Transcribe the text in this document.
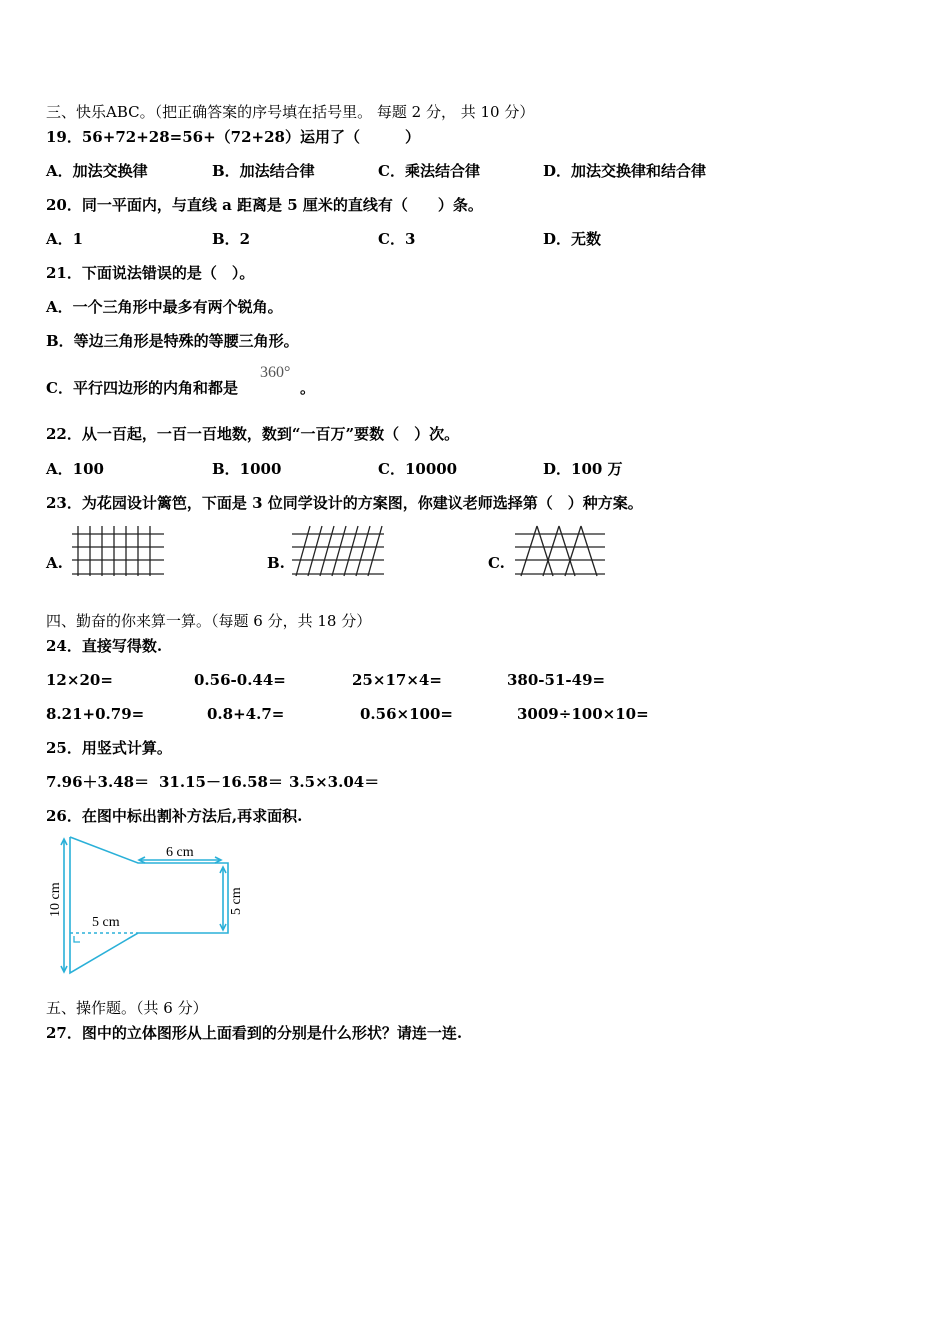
三、快乐ABC。（把正确答案的序号填在括号里。 每题 2 分， 共 10 分）
19．56+72+28=56+（72+28）运用了（　　　）
A．加法交换律	B．加法结合律	C．乘法结合律	D．加法交换律和结合律
20．同一平面内，与直线 a 距离是 5 厘米的直线有（　　）条。
A．1	B．2	C．3	D．无数
21．下面说法错误的是（　）。
A．一个三角形中最多有两个锐角。
B．等边三角形是特殊的等腰三角形。
C．平行四边形的内角和都是
360°
。
22．从一百起，一百一百地数，数到“一百万”要数（　）次。
A．100	B．1000	C．10000	D．100 万
23．为花园设计篱笆，下面是 3 位同学设计的方案图，你建议老师选择第（　）种方案。
A.	B.	C.
四、勤奋的你来算一算。（每题 6 分，共 18 分）
24．直接写得数.
12×20=	0.56-0.44=	25×17×4=	380-51-49=
8.21+0.79=	0.8+4.7=	0.56×100=	3009÷100×10=
25．用竖式计算。
7.96＋3.48＝ 31.15－16.58＝ 3.5×3.04＝
26．在图中标出割补方法后,再求面积.
6 cm
5 cm
5 cm
10 cm
五、操作题。（共 6 分）
27．图中的立体图形从上面看到的分别是什么形状？请连一连.
